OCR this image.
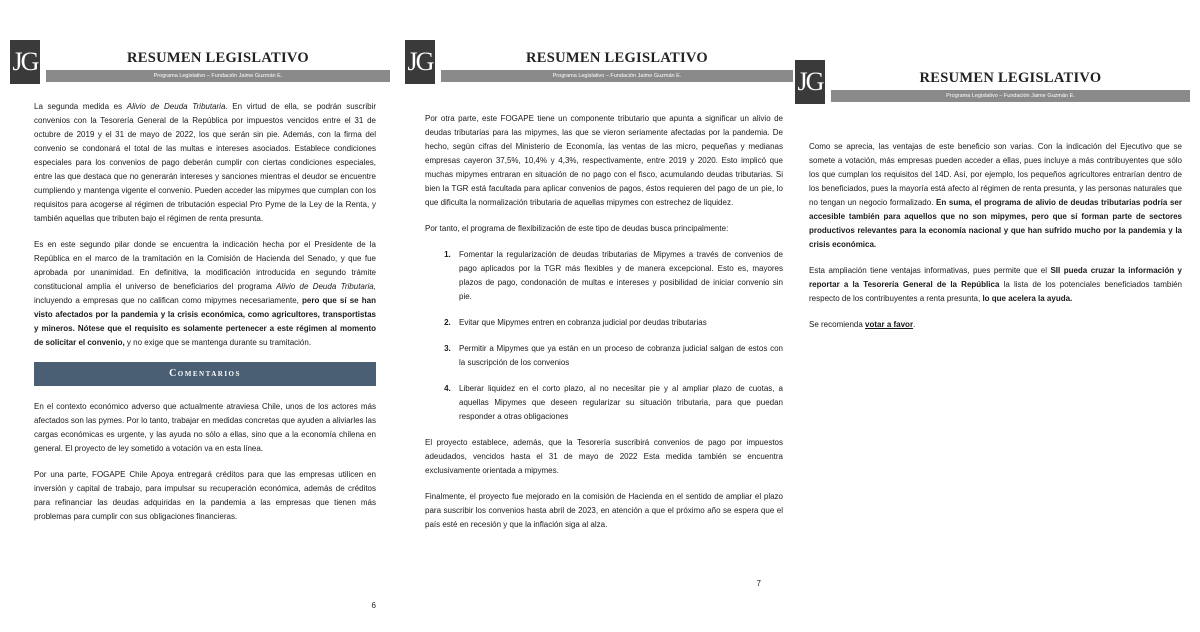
JG	RESUMEN LEGISLATIVO
Programa Legislativo – Fundación Jaime Guzmán E.

La segunda medida es Alivio de Deuda Tributaria. En virtud de ella, se podrán suscribir convenios con la Tesorería General de la República por impuestos vencidos entre el 31 de octubre de 2019 y el 31 de mayo de 2022, los que serán sin pie. Además, con la firma del convenio se condonará el total de las multas e intereses asociados. Establece condiciones especiales para los convenios de pago deberán cumplir con ciertas condiciones especiales, entre las que destaca que no generarán intereses y sanciones mientras el deudor se encuentre cumpliendo y mantenga vigente el convenio. Pueden acceder las mipymes que cumplan con los requisitos para acogerse al régimen de tributación especial Pro Pyme de la Ley de la Renta, y también aquellas que tributen bajo el régimen de renta presunta.

Es en este segundo pilar donde se encuentra la indicación hecha por el Presidente de la República en el marco de la tramitación en la Comisión de Hacienda del Senado, y que fue aprobada por unanimidad. En definitiva, la modificación introducida en segundo trámite constitucional amplía el universo de beneficiarios del programa Alivio de Deuda Tributaria, incluyendo a empresas que no califican como mipymes necesariamente, pero que sí se han visto afectados por la pandemia y la crisis económica, como agricultores, transportistas y mineros. Nótese que el requisito es solamente pertenecer a este régimen al momento de solicitar el convenio, y no exige que se mantenga durante su tramitación.

Comentarios

En el contexto económico adverso que actualmente atraviesa Chile, unos de los actores más afectados son las pymes. Por lo tanto, trabajar en medidas concretas que ayuden a aliviarles las cargas económicas es urgente, y las ayuda no sólo a ellas, sino que a la economía chilena en general. El proyecto de ley sometido a votación va en esta línea.

Por una parte, FOGAPE Chile Apoya entregará créditos para que las empresas utilicen en inversión y capital de trabajo, para impulsar su recuperación económica, además de créditos para refinanciar las deudas adquiridas en la pandemia a las empresas que tienen más problemas para cumplir con sus obligaciones financieras.

6
JG	RESUMEN LEGISLATIVO
Programa Legislativo – Fundación Jaime Guzmán E.

Por otra parte, este FOGAPE tiene un componente tributario que apunta a significar un alivio de deudas tributarias para las mipymes, las que se vieron seriamente afectadas por la pandemia. De hecho, según cifras del Ministerio de Economía, las ventas de las micro, pequeñas y medianas empresas cayeron 37,5%, 10,4% y 4,3%, respectivamente, entre 2019 y 2020. Esto implicó que muchas mipymes entraran en situación de no pago con el fisco, acumulando deudas tributarias. Si bien la TGR está facultada para aplicar convenios de pagos, éstos requieren del pago de un pie, lo que dificulta la normalización tributaria de aquellas mipymes con estrechez de liquidez.

Por tanto, el programa de flexibilización de este tipo de deudas busca principalmente:

1. Fomentar la regularización de deudas tributarias de Mipymes a través de convenios de pago aplicados por la TGR más flexibles y de manera excepcional. Esto es, mayores plazos de pago, condonación de multas e intereses y posibilidad de iniciar convenio sin pie.
2. Evitar que Mipymes entren en cobranza judicial por deudas tributarias
3. Permitir a Mipymes que ya están en un proceso de cobranza judicial salgan de estos con la suscripción de los convenios
4. Liberar liquidez en el corto plazo, al no necesitar pie y al ampliar plazo de cuotas, a aquellas Mipymes que deseen regularizar su situación tributaria, para que puedan responder a otras obligaciones

El proyecto establece, además, que la Tesorería suscribirá convenios de pago por impuestos adeudados, vencidos hasta el 31 de mayo de 2022 Esta medida también se encuentra exclusivamente orientada a mipymes.

Finalmente, el proyecto fue mejorado en la comisión de Hacienda en el sentido de ampliar el plazo para suscribir los convenios hasta abril de 2023, en atención a que el próximo año se espera que el país esté en recesión y que la inflación siga al alza.

7
JG	RESUMEN LEGISLATIVO
Programa Legislativo – Fundación Jaime Guzmán E.

Como se aprecia, las ventajas de este beneficio son varias. Con la indicación del Ejecutivo que se somete a votación, más empresas pueden acceder a ellas, pues incluye a más contribuyentes que sólo los que cumplan los requisitos del 14D. Así, por ejemplo, los pequeños agricultores entrarían dentro de los beneficiados, pues la mayoría está afecto al régimen de renta presunta, y las personas naturales que no tengan un negocio formalizado. En suma, el programa de alivio de deudas tributarias podría ser accesible también para aquellos que no son mipymes, pero que sí forman parte de sectores productivos relevantes para la economía nacional y que han sufrido mucho por la pandemia y la crisis económica.

Esta ampliación tiene ventajas informativas, pues permite que el SII pueda cruzar la información y reportar a la Tesorería General de la República la lista de los potenciales beneficiados también respecto de los contribuyentes a renta presunta, lo que acelera la ayuda.

Se recomienda votar a favor.
